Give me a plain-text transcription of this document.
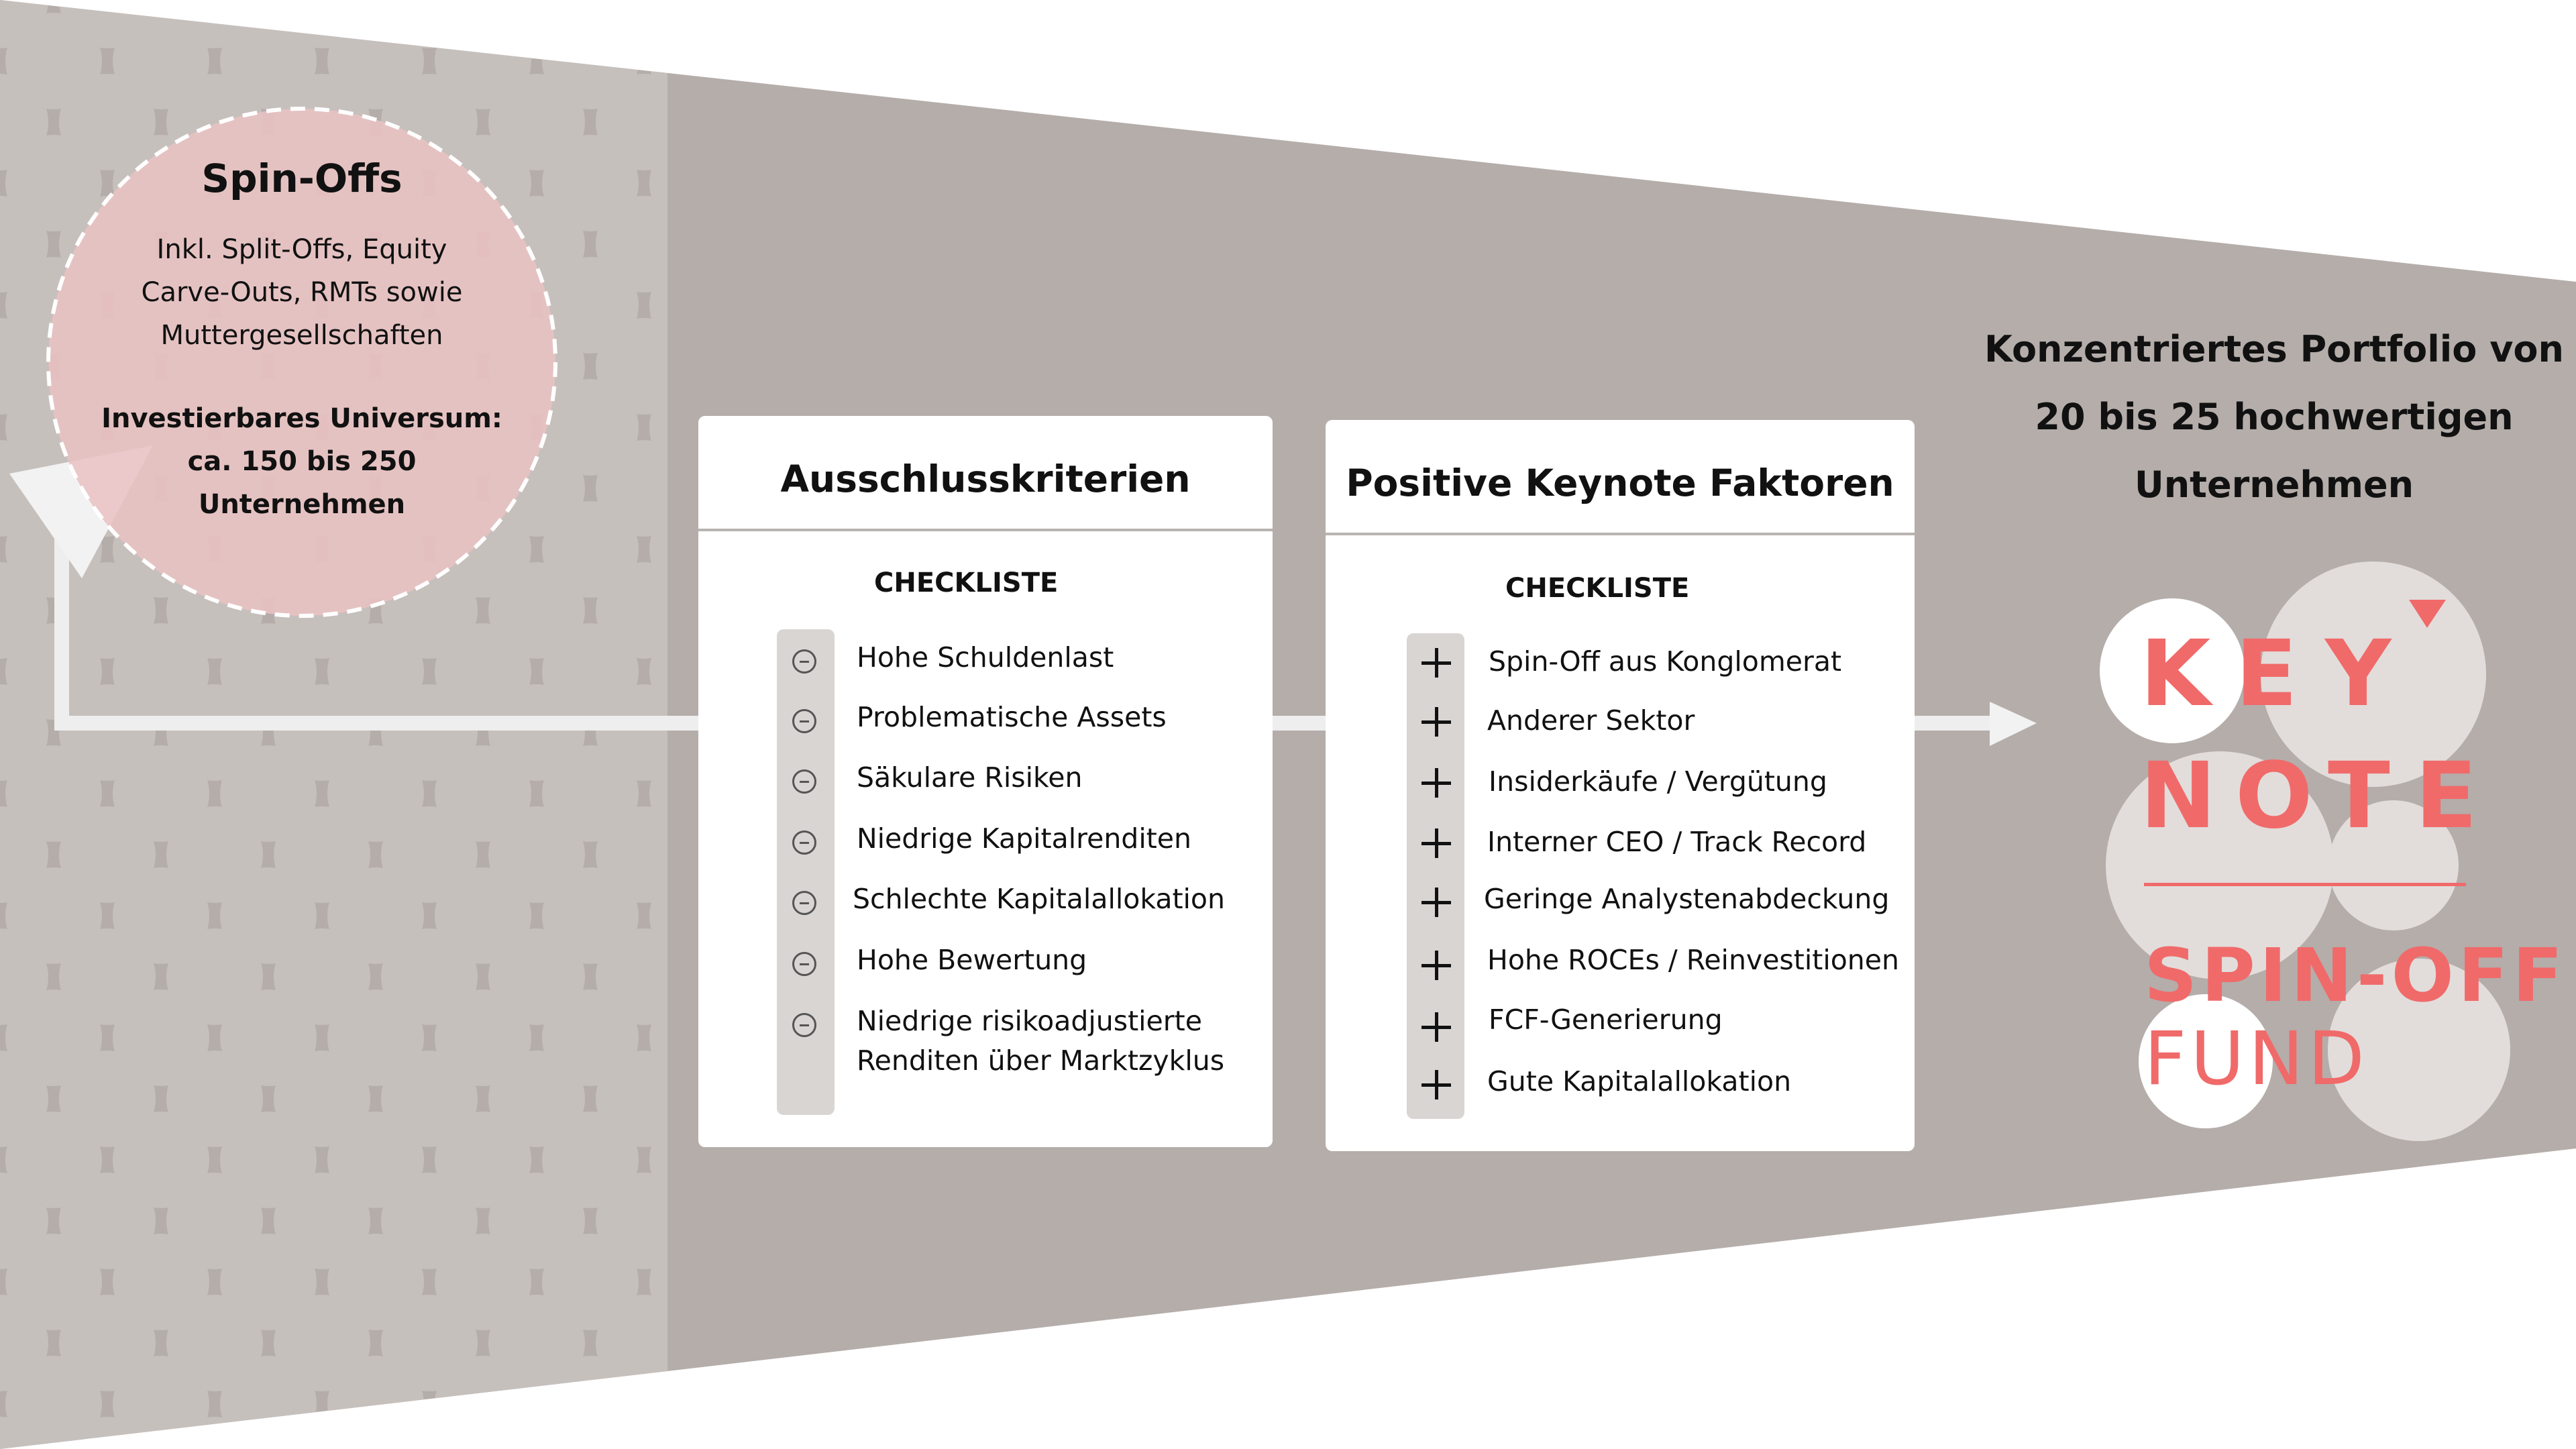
Spin-Offs
Inkl. Split-Offs, Equity
Carve-Outs, RMTs sowie
Muttergesellschaften
Investierbares Universum:
ca. 150 bis 250
Unternehmen
Ausschlusskriterien
CHECKLISTE
Hohe Schuldenlast
Problematische Assets
Säkulare Risiken
Niedrige Kapitalrenditen
Schlechte Kapitalallokation
Hohe Bewertung
Niedrige risikoadjustierte
Renditen über Marktzyklus
Positive Keynote Faktoren
CHECKLISTE
Spin-Off aus Konglomerat
Anderer Sektor
Insiderkäufe / Vergütung
Interner CEO / Track Record
Geringe Analystenabdeckung
Hohe ROCEs / Reinvestitionen
FCF-Generierung
Gute Kapitalallokation
Konzentriertes Portfolio von
20 bis 25 hochwertigen
Unternehmen
K E Y
N O T E
SPIN-OFF
FUND
